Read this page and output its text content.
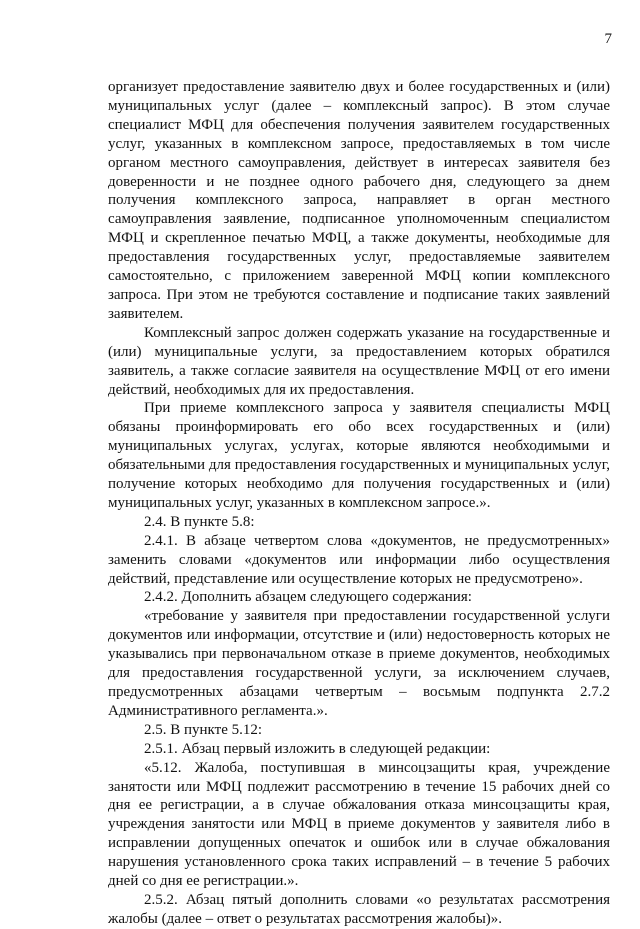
7

организует предоставление заявителю двух и более государственных и (или) муниципальных услуг (далее – комплексный запрос). В этом случае специалист МФЦ для обеспечения получения заявителем государственных услуг, указанных в комплексном запросе, предоставляемых в том числе органом местного самоуправления, действует в интересах заявителя без доверенности и не позднее одного рабочего дня, следующего за днем получения комплексного запроса, направляет в орган местного самоуправления заявление, подписанное уполномоченным специалистом МФЦ и скрепленное печатью МФЦ, а также документы, необходимые для предоставления государственных услуг, предоставляемые заявителем самостоятельно, с приложением заверенной МФЦ копии комплексного запроса. При этом не требуются составление и подписание таких заявлений заявителем.

Комплексный запрос должен содержать указание на государственные и (или) муниципальные услуги, за предоставлением которых обратился заявитель, а также согласие заявителя на осуществление МФЦ от его имени действий, необходимых для их предоставления.

При приеме комплексного запроса у заявителя специалисты МФЦ обязаны проинформировать его обо всех государственных и (или) муниципальных услугах, услугах, которые являются необходимыми и обязательными для предоставления государственных и муниципальных услуг, получение которых необходимо для получения государственных и (или) муниципальных услуг, указанных в комплексном запросе.».

2.4. В пункте 5.8:

2.4.1. В абзаце четвертом слова «документов, не предусмотренных» заменить словами «документов или информации либо осуществления действий, представление или осуществление которых не предусмотрено».

2.4.2. Дополнить абзацем следующего содержания:

«требование у заявителя при предоставлении государственной услуги документов или информации, отсутствие и (или) недостоверность которых не указывались при первоначальном отказе в приеме документов, необходимых для предоставления государственной услуги, за исключением случаев, предусмотренных абзацами четвертым – восьмым подпункта 2.7.2 Административного регламента.».

2.5. В пункте 5.12:

2.5.1. Абзац первый изложить в следующей редакции:

«5.12. Жалоба, поступившая в минсоцзащиты края, учреждение занятости или МФЦ подлежит рассмотрению в течение 15 рабочих дней со дня ее регистрации, а в случае обжалования отказа минсоцзащиты края, учреждения занятости или МФЦ в приеме документов у заявителя либо в исправлении допущенных опечаток и ошибок или в случае обжалования нарушения установленного срока таких исправлений – в течение 5 рабочих дней со дня ее регистрации.».

2.5.2. Абзац пятый дополнить словами «о результатах рассмотрения жалобы (далее – ответ о результатах рассмотрения жалобы)».
